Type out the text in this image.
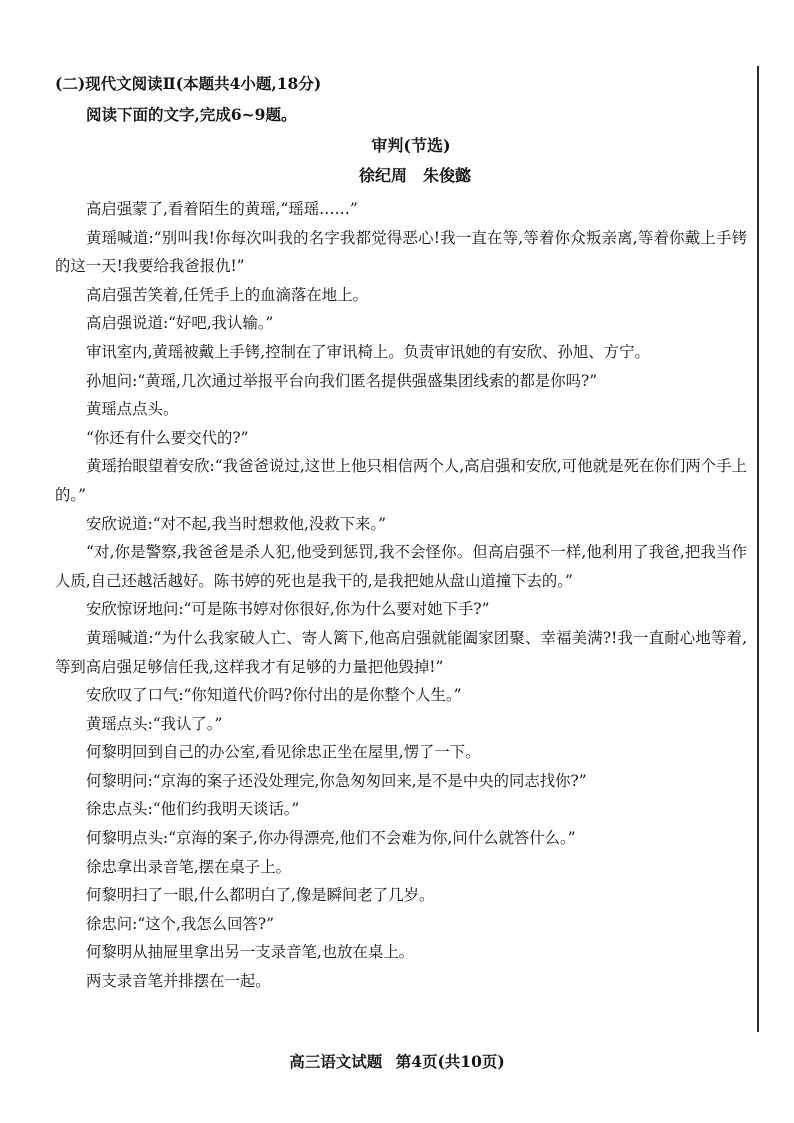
(二)现代文阅读Ⅱ(本题共4小题,18分)
阅读下面的文字,完成6~9题。
审判(节选)
徐纪周　朱俊懿

高启强蒙了,看着陌生的黄瑶,“瑶瑶……”

黄瑶喊道:“别叫我!你每次叫我的名字我都觉得恶心!我一直在等,等着你众叛亲离,等着你戴上手铐的这一天!我要给我爸报仇!”

高启强苦笑着,任凭手上的血滴落在地上。

高启强说道:“好吧,我认输。”

审讯室内,黄瑶被戴上手铐,控制在了审讯椅上。负责审讯她的有安欣、孙旭、方宁。

孙旭问:“黄瑶,几次通过举报平台向我们匿名提供强盛集团线索的都是你吗?”

黄瑶点点头。

“你还有什么要交代的?”

黄瑶抬眼望着安欣:“我爸爸说过,这世上他只相信两个人,高启强和安欣,可他就是死在你们两个手上的。”

安欣说道:“对不起,我当时想救他,没救下来。”

“对,你是警察,我爸爸是杀人犯,他受到惩罚,我不会怪你。但高启强不一样,他利用了我爸,把我当作人质,自己还越活越好。陈书婷的死也是我干的,是我把她从盘山道撞下去的。”

安欣惊讶地问:“可是陈书婷对你很好,你为什么要对她下手?”

黄瑶喊道:“为什么我家破人亡、寄人篱下,他高启强就能阖家团聚、幸福美满?!我一直耐心地等着,等到高启强足够信任我,这样我才有足够的力量把他毁掉!”

安欣叹了口气:“你知道代价吗?你付出的是你整个人生。”

黄瑶点头:“我认了。”

何黎明回到自己的办公室,看见徐忠正坐在屋里,愣了一下。

何黎明问:“京海的案子还没处理完,你急匆匆回来,是不是中央的同志找你?”

徐忠点头:“他们约我明天谈话。”

何黎明点头:“京海的案子,你办得漂亮,他们不会难为你,问什么就答什么。”

徐忠拿出录音笔,摆在桌子上。

何黎明扫了一眼,什么都明白了,像是瞬间老了几岁。

徐忠问:“这个,我怎么回答?”

何黎明从抽屉里拿出另一支录音笔,也放在桌上。

两支录音笔并排摆在一起。

高三语文试题 第4页(共10页)
